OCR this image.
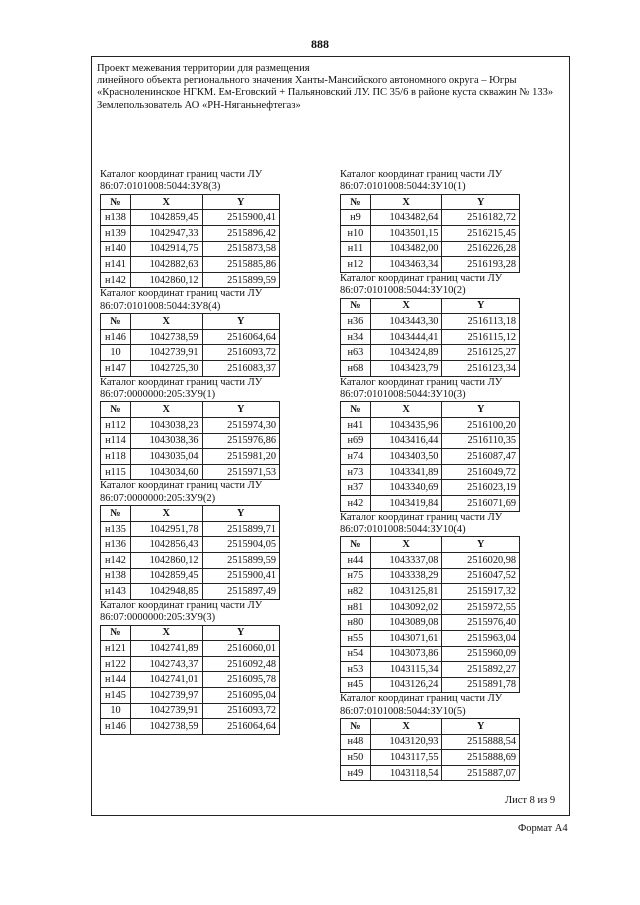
888
Проект межевания территории для размещения
линейного объекта регионального значения Ханты-Мансийского автономного округа – Югры
«Красноленинское НГКМ. Ем-Еговский + Пальяновский ЛУ. ПС 35/6 в районе куста скважин № 133»
Землепользователь АО «РН-Няганьнефтегаз»
Каталог координат границ части ЛУ
86:07:0101008:5044:ЗУ8(3)
№	X	Y
н138	1042859,45	2515900,41
н139	1042947,33	2515896,42
н140	1042914,75	2515873,58
н141	1042882,63	2515885,86
н142	1042860,12	2515899,59
Каталог координат границ части ЛУ
86:07:0101008:5044:ЗУ8(4)
№	X	Y
н146	1042738,59	2516064,64
10	1042739,91	2516093,72
н147	1042725,30	2516083,37
Каталог координат границ части ЛУ
86:07:0000000:205:ЗУ9(1)
№	X	Y
н112	1043038,23	2515974,30
н114	1043038,36	2515976,86
н118	1043035,04	2515981,20
н115	1043034,60	2515971,53
Каталог координат границ части ЛУ
86:07:0000000:205:ЗУ9(2)
№	X	Y
н135	1042951,78	2515899,71
н136	1042856,43	2515904,05
н142	1042860,12	2515899,59
н138	1042859,45	2515900,41
н143	1042948,85	2515897,49
Каталог координат границ части ЛУ
86:07:0000000:205:ЗУ9(3)
№	X	Y
н121	1042741,89	2516060,01
н122	1042743,37	2516092,48
н144	1042741,01	2516095,78
н145	1042739,97	2516095,04
10	1042739,91	2516093,72
н146	1042738,59	2516064,64
Каталог координат границ части ЛУ
86:07:0101008:5044:ЗУ10(1)
№	X	Y
н9	1043482,64	2516182,72
н10	1043501,15	2516215,45
н11	1043482,00	2516226,28
н12	1043463,34	2516193,28
Каталог координат границ части ЛУ
86:07:0101008:5044:ЗУ10(2)
№	X	Y
н36	1043443,30	2516113,18
н34	1043444,41	2516115,12
н63	1043424,89	2516125,27
н68	1043423,79	2516123,34
Каталог координат границ части ЛУ
86:07:0101008:5044:ЗУ10(3)
№	X	Y
н41	1043435,96	2516100,20
н69	1043416,44	2516110,35
н74	1043403,50	2516087,47
н73	1043341,89	2516049,72
н37	1043340,69	2516023,19
н42	1043419,84	2516071,69
Каталог координат границ части ЛУ
86:07:0101008:5044:ЗУ10(4)
№	X	Y
н44	1043337,08	2516020,98
н75	1043338,29	2516047,52
н82	1043125,81	2515917,32
н81	1043092,02	2515972,55
н80	1043089,08	2515976,40
н55	1043071,61	2515963,04
н54	1043073,86	2515960,09
н53	1043115,34	2515892,27
н45	1043126,24	2515891,78
Каталог координат границ части ЛУ
86:07:0101008:5044:ЗУ10(5)
№	X	Y
н48	1043120,93	2515888,54
н50	1043117,55	2515888,69
н49	1043118,54	2515887,07
Лист 8 из 9
Формат А4
